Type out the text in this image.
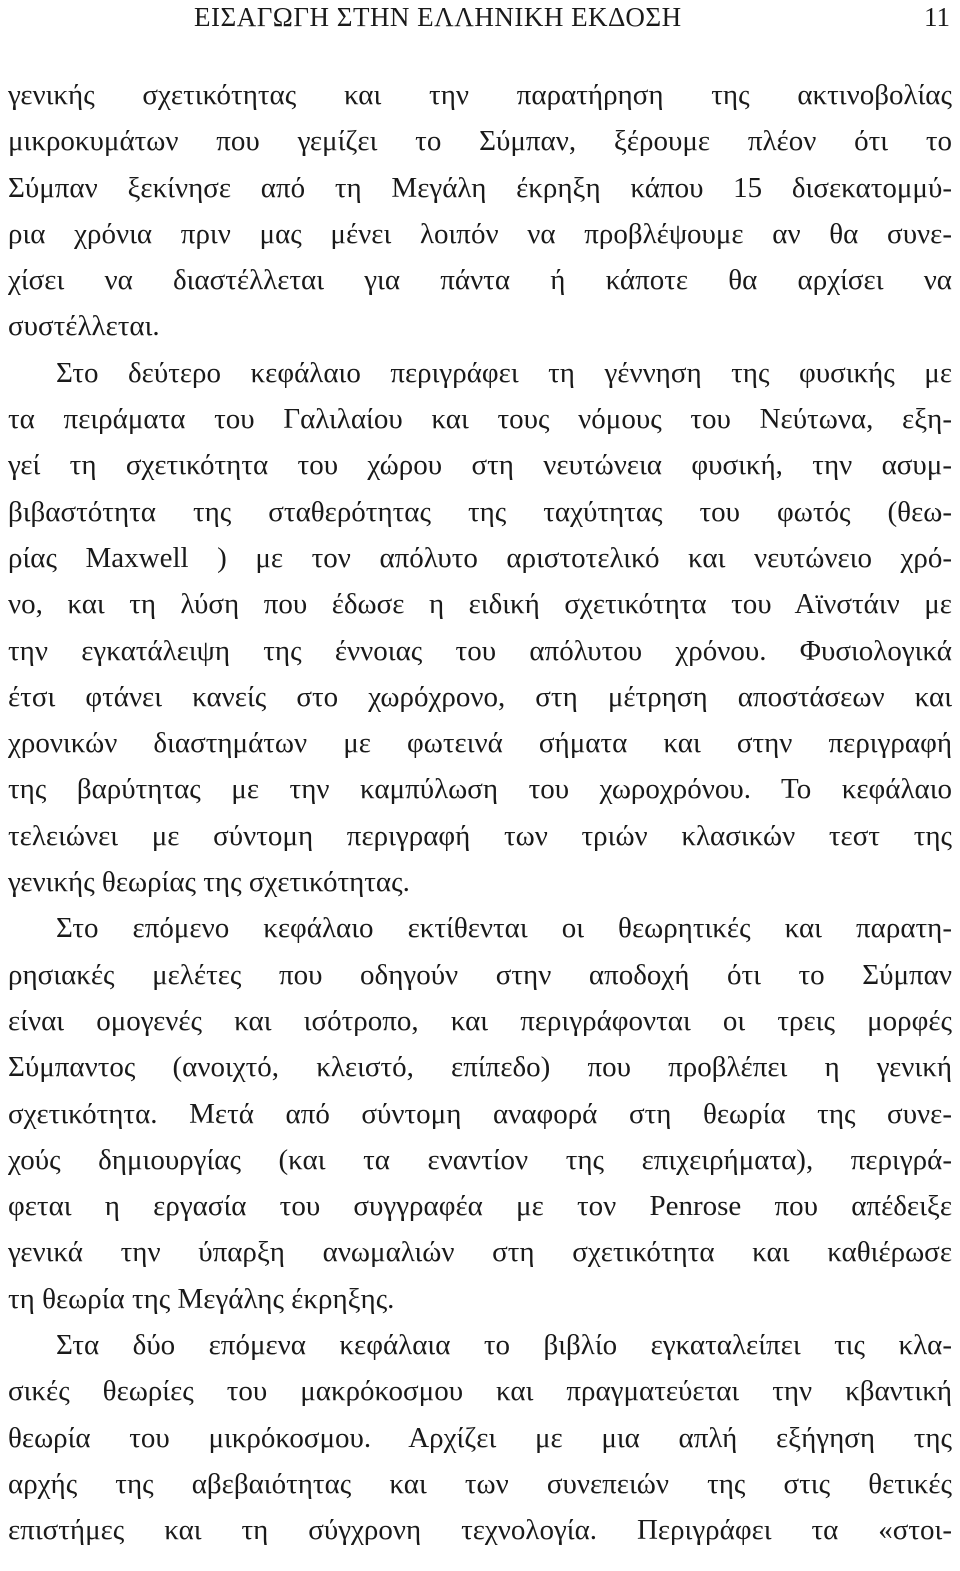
ΕΙΣΑΓΩΓΗ ΣΤΗΝ ΕΛΛΗΝΙΚΗ ΕΚΔΟΣΗ	11
γενικής σχετικότητας και την παρατήρηση της ακτινοβολίας
μικροκυμάτων που γεμίζει το Σύμπαν, ξέρουμε πλέον ότι το
Σύμπαν ξεκίνησε από τη Μεγάλη έκρηξη κάπου 15 δισεκατομμύ-
ρια χρόνια πριν μας μένει λοιπόν να προβλέψουμε αν θα συνε-
χίσει να διαστέλλεται για πάντα ή κάποτε θα αρχίσει να
συστέλλεται.
Στο δεύτερο κεφάλαιο περιγράφει τη γέννηση της φυσικής με
τα πειράματα του Γαλιλαίου και τους νόμους του Νεύτωνα, εξη-
γεί τη σχετικότητα του χώρου στη νευτώνεια φυσική, την ασυμ-
βιβαστότητα της σταθερότητας της ταχύτητας του φωτός (θεω-
ρίας Maxwell ) με τον απόλυτο αριστοτελικό και νευτώνειο χρό-
νο, και τη λύση που έδωσε η ειδική σχετικότητα του Αϊνστάιν με
την εγκατάλειψη της έννοιας του απόλυτου χρόνου. Φυσιολογικά
έτσι φτάνει κανείς στο χωρόχρονο, στη μέτρηση αποστάσεων και
χρονικών διαστημάτων με φωτεινά σήματα και στην περιγραφή
της βαρύτητας με την καμπύλωση του χωροχρόνου. Το κεφάλαιο
τελειώνει με σύντομη περιγραφή των τριών κλασικών τεστ της
γενικής θεωρίας της σχετικότητας.
Στο επόμενο κεφάλαιο εκτίθενται οι θεωρητικές και παρατη-
ρησιακές μελέτες που οδηγούν στην αποδοχή ότι το Σύμπαν
είναι ομογενές και ισότροπο, και περιγράφονται οι τρεις μορφές
Σύμπαντος (ανοιχτό, κλειστό, επίπεδο) που προβλέπει η γενική
σχετικότητα. Μετά από σύντομη αναφορά στη θεωρία της συνε-
χούς δημιουργίας (και τα εναντίον της επιχειρήματα), περιγρά-
φεται η εργασία του συγγραφέα με τον Penrose που απέδειξε
γενικά την ύπαρξη ανωμαλιών στη σχετικότητα και καθιέρωσε
τη θεωρία της Μεγάλης έκρηξης.
Στα δύο επόμενα κεφάλαια το βιβλίο εγκαταλείπει τις κλα-
σικές θεωρίες του μακρόκοσμου και πραγματεύεται την κβαντική
θεωρία του μικρόκοσμου. Αρχίζει με μια απλή εξήγηση της
αρχής της αβεβαιότητας και των συνεπειών της στις θετικές
επιστήμες και τη σύγχρονη τεχνολογία. Περιγράφει τα «στοι-
